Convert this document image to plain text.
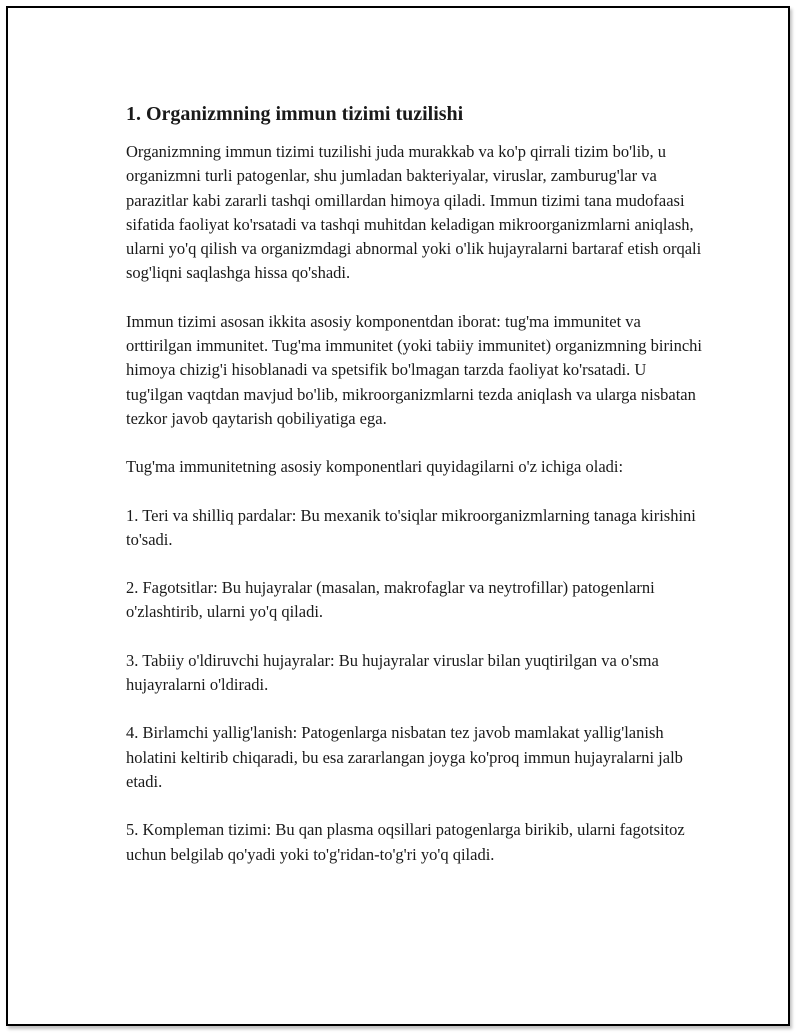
1. Organizmning immun tizimi tuzilishi

Organizmning immun tizimi tuzilishi juda murakkab va ko'p qirrali tizim bo'lib, u organizmni turli patogenlar, shu jumladan bakteriyalar, viruslar, zamburug'lar va parazitlar kabi zararli tashqi omillardan himoya qiladi. Immun tizimi tana mudofaasi sifatida faoliyat ko'rsatadi va tashqi muhitdan keladigan mikroorganizmlarni aniqlash, ularni yo'q qilish va organizmdagi abnormal yoki o'lik hujayralarni bartaraf etish orqali sog'liqni saqlashga hissa qo'shadi.

Immun tizimi asosan ikkita asosiy komponentdan iborat: tug'ma immunitet va orttirilgan immunitet. Tug'ma immunitet (yoki tabiiy immunitet) organizmning birinchi himoya chizig'i hisoblanadi va spetsifik bo'lmagan tarzda faoliyat ko'rsatadi. U tug'ilgan vaqtdan mavjud bo'lib, mikroorganizmlarni tezda aniqlash va ularga nisbatan tezkor javob qaytarish qobiliyatiga ega.

Tug'ma immunitetning asosiy komponentlari quyidagilarni o'z ichiga oladi:

1. Teri va shilliq pardalar: Bu mexanik to'siqlar mikroorganizmlarning tanaga kirishini to'sadi.

2. Fagotsitlar: Bu hujayralar (masalan, makrofaglar va neytrofillar) patogenlarni o'zlashtirib, ularni yo'q qiladi.

3. Tabiiy o'ldiruvchi hujayralar: Bu hujayralar viruslar bilan yuqtirilgan va o'sma hujayralarni o'ldiradi.

4. Birlamchi yallig'lanish: Patogenlarga nisbatan tez javob mamlakat yallig'lanish holatini keltirib chiqaradi, bu esa zararlangan joyga ko'proq immun hujayralarni jalb etadi.

5. Kompleman tizimi: Bu qan plasma oqsillari patogenlarga birikib, ularni fagotsitoz uchun belgilab qo'yadi yoki to'g'ridan-to'g'ri yo'q qiladi.
